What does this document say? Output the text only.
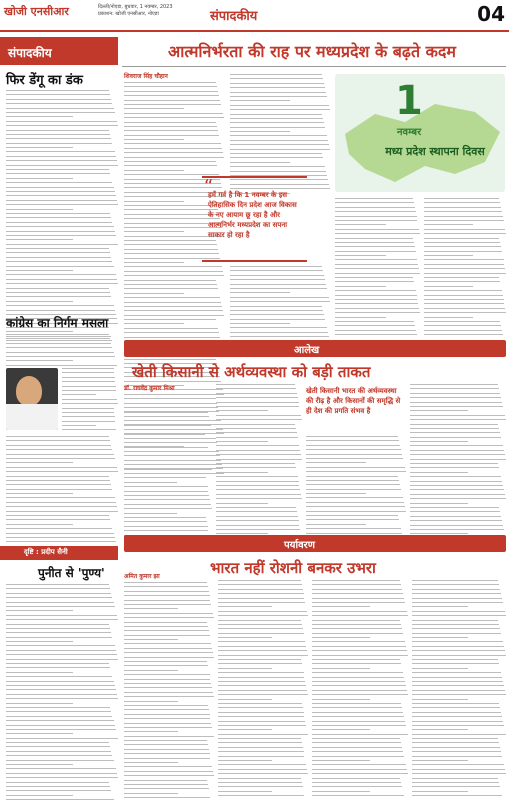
खोजी एनसीआर	दिल्ली/नोएडा, बुधवार, 1 नवम्बर, 2023
प्रकाशन: खोजी एनसीआर, नोएडा	संपादकीय	04
संपादकीय
फिर डेंगू का डंक
कांग्रेस का निर्गम मसला
दृष्टि : प्रदीप सैनी
पुनीत से 'पुण्य'
आत्मनिर्भरता की राह पर मध्यप्रदेश के बढ़ते कदम
शिवराज सिंह चौहान
1
नवम्बर
मध्य प्रदेश स्थापना दिवस
“
हमें गर्व है कि 1 नवम्बर के इस ऐतिहासिक दिन प्रदेश आज विकास के नए आयाम छू रहा है और आत्मनिर्भर मध्यप्रदेश का सपना साकार हो रहा है
आलेख
खेती किसानी से अर्थव्यवस्था को बड़ी ताकत
डॉ. राघवेंद्र कुमार मिश्रा	खेती किसानी भारत की अर्थव्यवस्था की रीढ़ है और किसानों की समृद्धि से ही देश की प्रगति संभव है
पर्यावरण
भारत नहीं रोशनी बनकर उभरा
अमित कुमार झा
